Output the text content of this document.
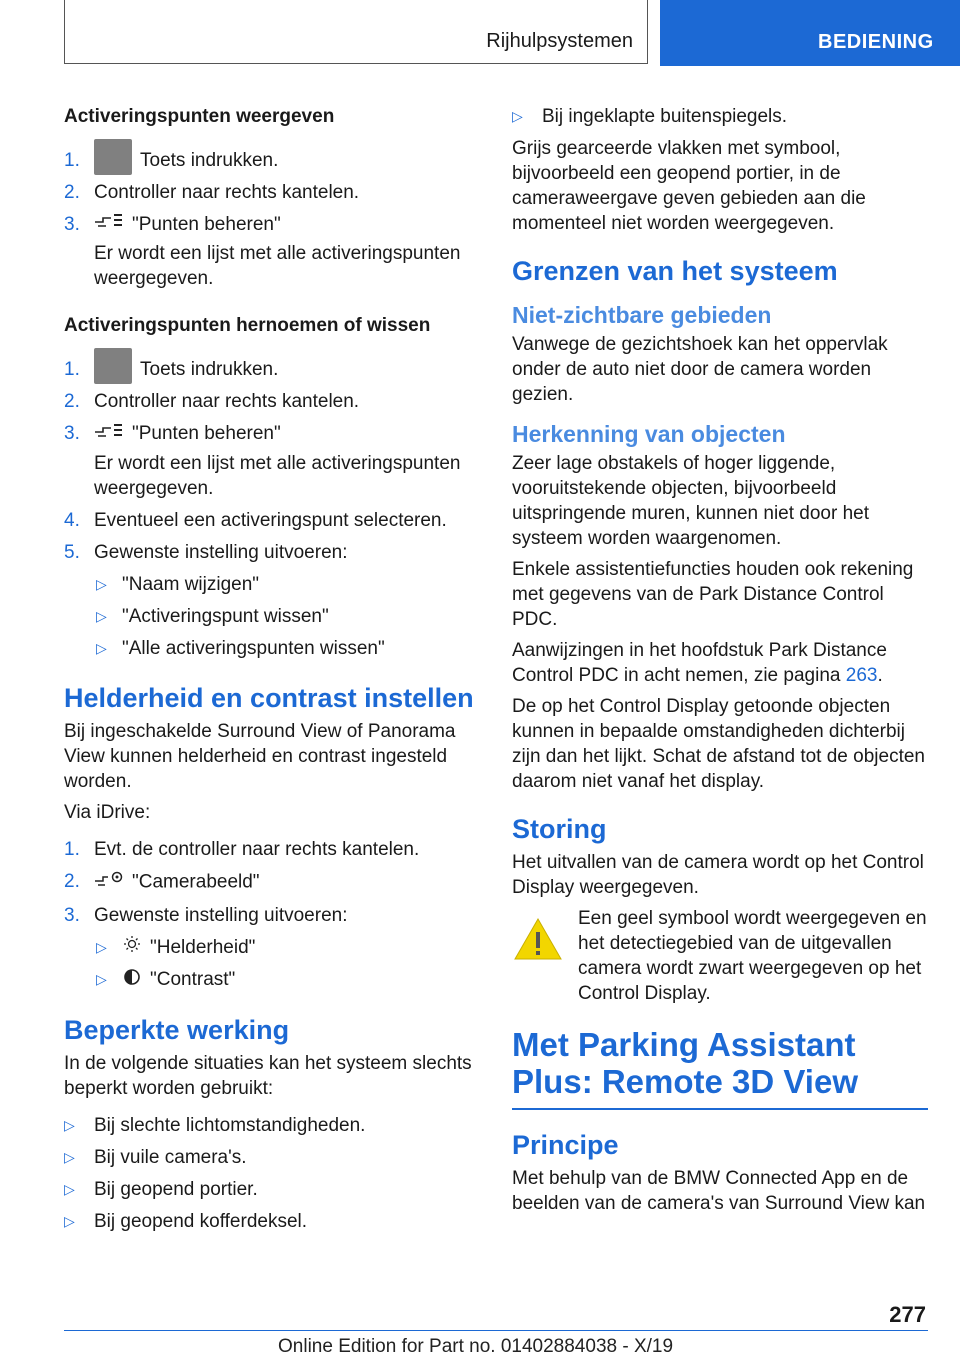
Rijhulpsystemen	BEDIENING

Activeringspunten weergeven

1.	Toets indrukken.
2. Controller naar rechts kantelen.
3.	"Punten beheren"

Er wordt een lijst met alle activeringspunten weergegeven.

Activeringspunten hernoemen of wissen

1.	Toets indrukken.
2. Controller naar rechts kantelen.
3.	"Punten beheren"

Er wordt een lijst met alle activeringspunten weergegeven.

4. Eventueel een activeringspunt selecteren.
5. Gewenste instelling uitvoeren:
▷ "Naam wijzigen"
▷ "Activeringspunt wissen"
▷ "Alle activeringspunten wissen"

Helderheid en contrast instellen

Bij ingeschakelde Surround View of Panorama View kunnen helderheid en contrast ingesteld worden.

Via iDrive:

1. Evt. de controller naar rechts kantelen.
2.	"Camerabeeld"
3. Gewenste instelling uitvoeren:
▷ "Helderheid"
▷ "Contrast"

Beperkte werking

In de volgende situaties kan het systeem slechts beperkt worden gebruikt:

▷ Bij slechte lichtomstandigheden.
▷ Bij vuile camera's.
▷ Bij geopend portier.
▷ Bij geopend kofferdeksel.
▷ Bij ingeklapte buitenspiegels.

Grijs gearceerde vlakken met symbool, bijvoorbeeld een geopend portier, in de cameraweergave geven gebieden aan die momenteel niet worden weergegeven.

Grenzen van het systeem

Niet-zichtbare gebieden

Vanwege de gezichtshoek kan het oppervlak onder de auto niet door de camera worden gezien.

Herkenning van objecten

Zeer lage obstakels of hoger liggende, vooruitstekende objecten, bijvoorbeeld uitspringende muren, kunnen niet door het systeem worden waargenomen.

Enkele assistentiefuncties houden ook rekening met gegevens van de Park Distance Control PDC.

Aanwijzingen in het hoofdstuk Park Distance Control PDC in acht nemen, zie pagina 263.

De op het Control Display getoonde objecten kunnen in bepaalde omstandigheden dichterbij zijn dan het lijkt. Schat de afstand tot de objecten daarom niet vanaf het display.

Storing

Het uitvallen van de camera wordt op het Control Display weergegeven.

Een geel symbool wordt weergegeven en het detectiegebied van de uitgevallen camera wordt zwart weergegeven op het Control Display.

Met Parking Assistant Plus: Remote 3D View

Principe

Met behulp van de BMW Connected App en de beelden van de camera's van Surround View kan

277
Online Edition for Part no. 01402884038 - X/19
